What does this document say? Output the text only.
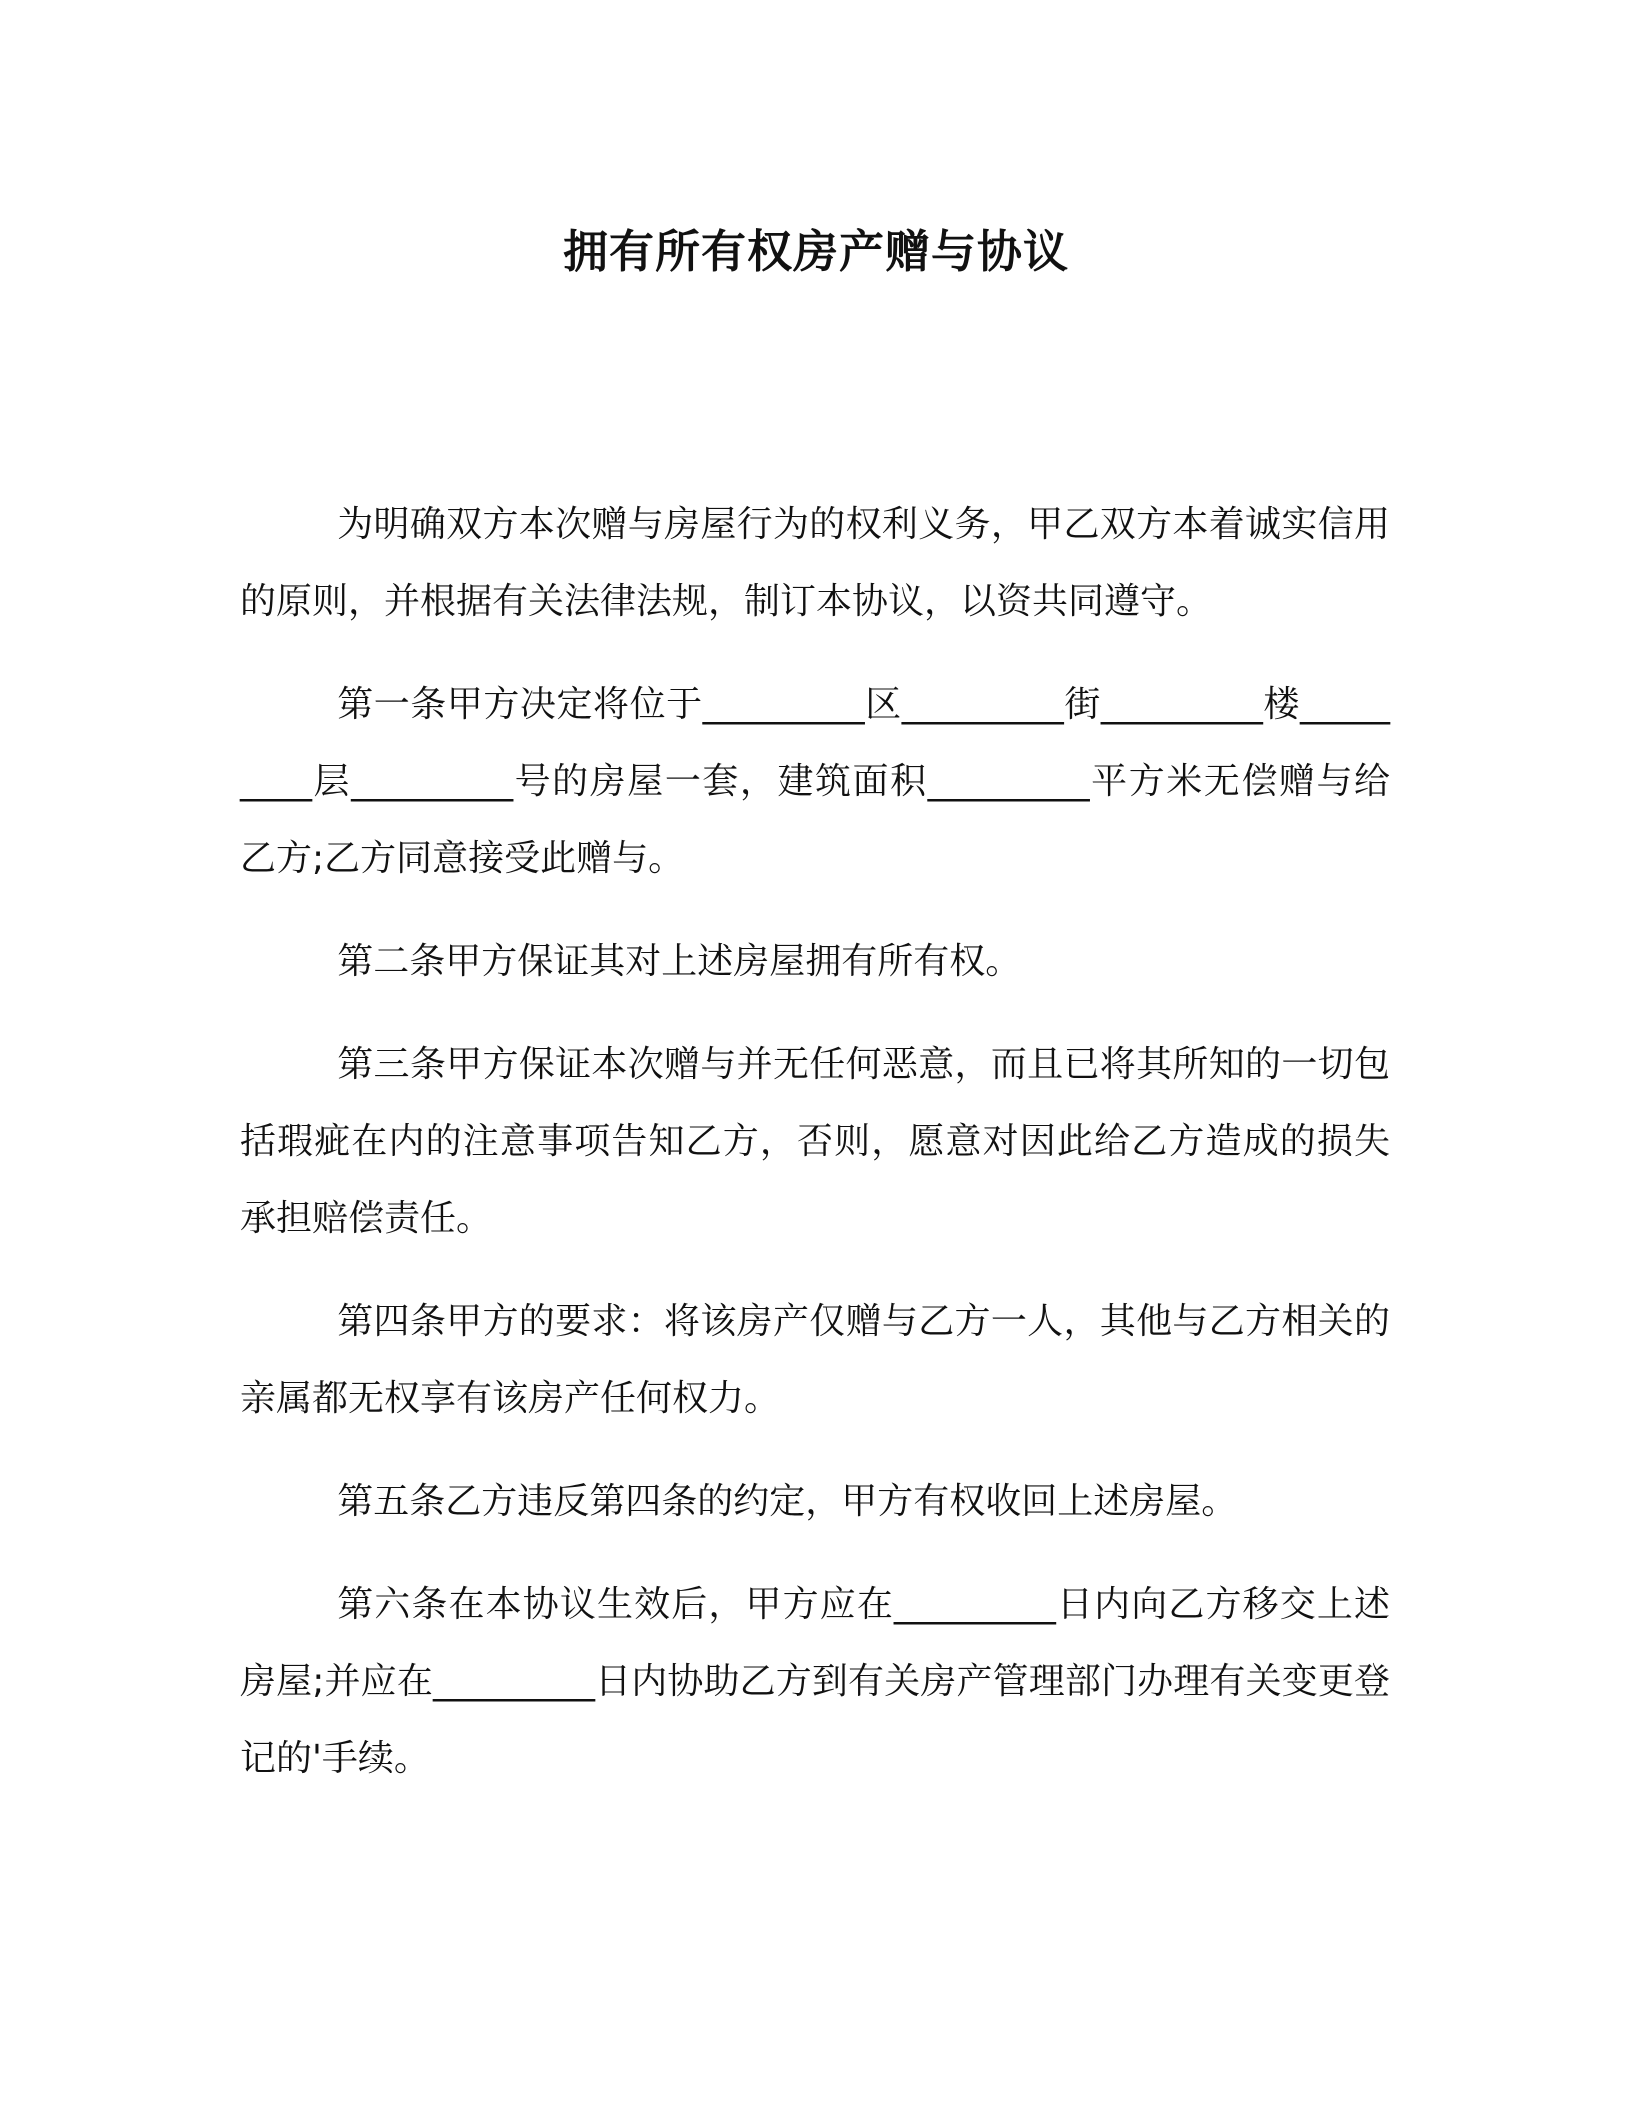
拥有所有权房产赠与协议

为明确双方本次赠与房屋行为的权利义务，甲乙双方本着诚实信用的原则，并根据有关法律法规，制订本协议，以资共同遵守。

第一条甲方决定将位于_________区_________街_________楼_________层_________号的房屋一套，建筑面积_________平方米无偿赠与给乙方;乙方同意接受此赠与。

第二条甲方保证其对上述房屋拥有所有权。

第三条甲方保证本次赠与并无任何恶意，而且已将其所知的一切包括瑕疵在内的注意事项告知乙方，否则，愿意对因此给乙方造成的损失承担赔偿责任。

第四条甲方的要求：将该房产仅赠与乙方一人，其他与乙方相关的亲属都无权享有该房产任何权力。

第五条乙方违反第四条的约定，甲方有权收回上述房屋。

第六条在本协议生效后，甲方应在_________日内向乙方移交上述房屋;并应在_________日内协助乙方到有关房产管理部门办理有关变更登记的'手续。
